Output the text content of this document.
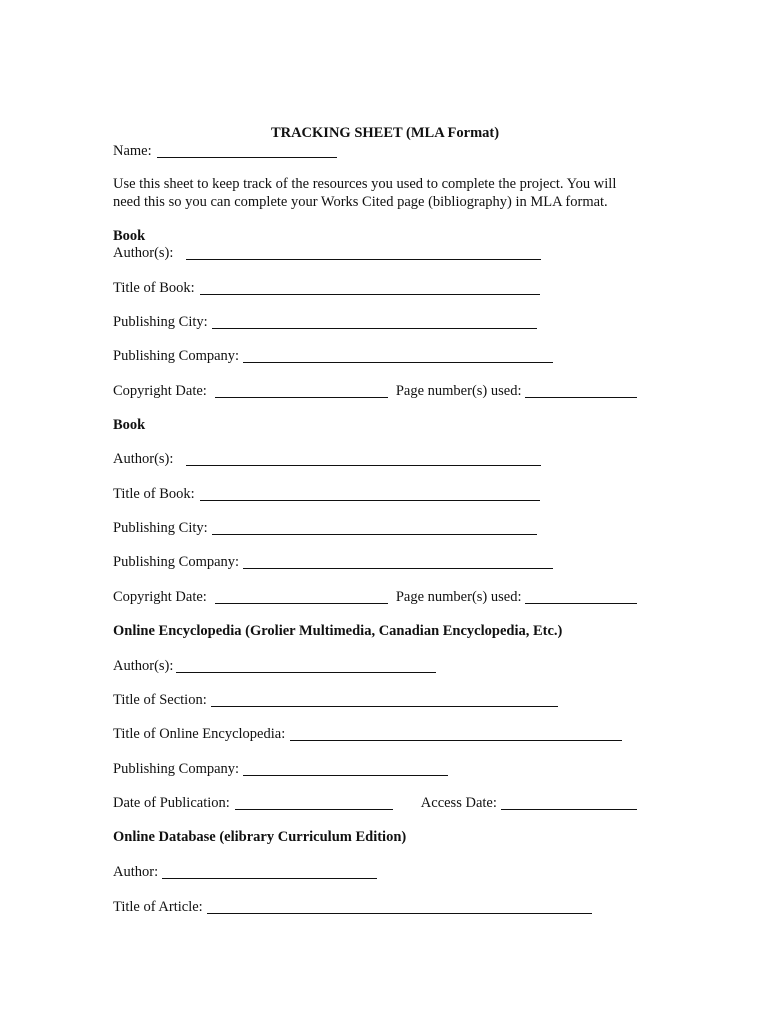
TRACKING SHEET (MLA Format)
Name:
Use this sheet to keep track of the resources you used to complete the project. You will
need this so you can complete your Works Cited page (bibliography) in MLA format.
Book
Author(s):
Title of Book:
Publishing City:
Publishing Company:
Copyright Date:	Page number(s) used:
Book
Author(s):
Title of Book:
Publishing City:
Publishing Company:
Copyright Date:	Page number(s) used:
Online Encyclopedia (Grolier Multimedia, Canadian Encyclopedia, Etc.)
Author(s):
Title of Section:
Title of Online Encyclopedia:
Publishing Company:
Date of Publication:	Access Date:
Online Database (elibrary Curriculum Edition)
Author:
Title of Article:
